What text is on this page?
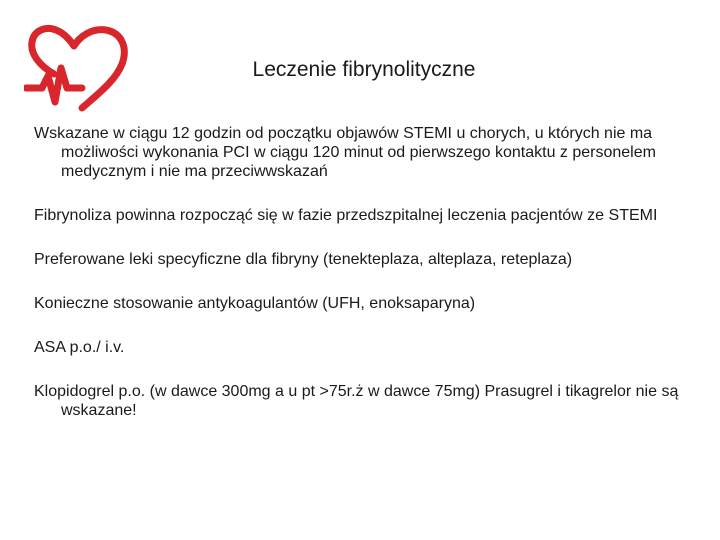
Leczenie fibrynolityczne

Wskazane w ciągu 12 godzin od początku objawów STEMI u chorych, u których nie ma możliwości wykonania PCI w ciągu 120 minut od pierwszego kontaktu z personelem medycznym i nie ma przeciwwskazań

Fibrynoliza powinna rozpocząć się w fazie przedszpitalnej leczenia pacjentów ze STEMI

Preferowane leki specyficzne dla fibryny (tenekteplaza, alteplaza, reteplaza)

Konieczne stosowanie antykoagulantów (UFH, enoksaparyna)

ASA p.o./ i.v.

Klopidogrel p.o. (w dawce 300mg a u pt >75r.ż w dawce 75mg) Prasugrel i tikagrelor nie są wskazane!
